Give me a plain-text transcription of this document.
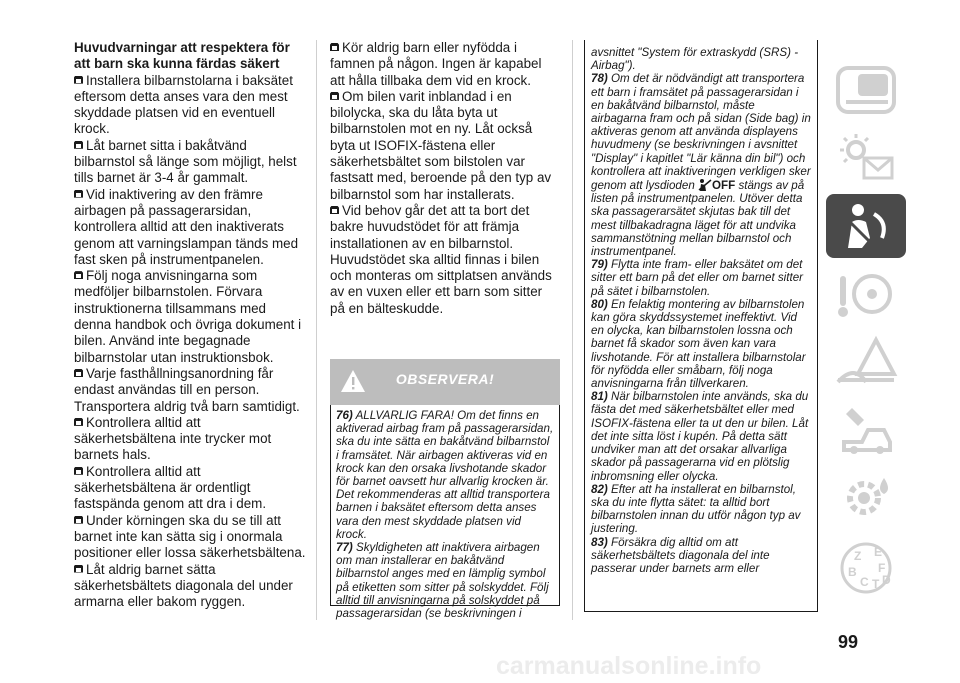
Huvudvarningar att respektera för att barn ska kunna färdas säkert
Installera bilbarnstolarna i baksätet eftersom detta anses vara den mest skyddade platsen vid en eventuell krock.
Låt barnet sitta i bakåtvänd bilbarnstol så länge som möjligt, helst tills barnet är 3-4 år gammalt.
Vid inaktivering av den främre airbagen på passagerarsidan, kontrollera alltid att den inaktiverats genom att varningslampan tänds med fast sken på instrumentpanelen.
Följ noga anvisningarna som medföljer bilbarnstolen. Förvara instruktionerna tillsammans med denna handbok och övriga dokument i bilen. Använd inte begagnade bilbarnstolar utan instruktionsbok.
Varje fasthållningsanordning får endast användas till en person. Transportera aldrig två barn samtidigt.
Kontrollera alltid att säkerhetsbältena inte trycker mot barnets hals.
Kontrollera alltid att säkerhetsbältena är ordentligt fastspända genom att dra i dem.
Under körningen ska du se till att barnet inte kan sätta sig i onormala positioner eller lossa säkerhetsbältena.
Låt aldrig barnet sätta säkerhetsbältets diagonala del under armarna eller bakom ryggen.
Kör aldrig barn eller nyfödda i famnen på någon. Ingen är kapabel att hålla tillbaka dem vid en krock.
Om bilen varit inblandad i en bilolycka, ska du låta byta ut bilbarnstolen mot en ny. Låt också byta ut ISOFIX-fästena eller säkerhetsbältet som bilstolen var fastsatt med, beroende på den typ av bilbarnstol som har installerats.
Vid behov går det att ta bort det bakre huvudstödet för att främja installationen av en bilbarnstol. Huvudstödet ska alltid finnas i bilen och monteras om sittplatsen används av en vuxen eller ett barn som sitter på en bälteskudde.
OBSERVERA!
76) ALLVARLIG FARA! Om det finns en aktiverad airbag fram på passagerarsidan, ska du inte sätta en bakåtvänd bilbarnstol i framsätet. När airbagen aktiveras vid en krock kan den orsaka livshotande skador för barnet oavsett hur allvarlig krocken är. Det rekommenderas att alltid transportera barnen i baksätet eftersom detta anses vara den mest skyddade platsen vid krock.
77) Skyldigheten att inaktivera airbagen om man installerar en bakåtvänd bilbarnstol anges med en lämplig symbol på etiketten som sitter på solskyddet. Följ alltid till anvisningarna på solskyddet på passagerarsidan (se beskrivningen i
avsnittet "System för extraskydd (SRS) - Airbag").
78) Om det är nödvändigt att transportera ett barn i framsätet på passagerarsidan i en bakåtvänd bilbarnstol, måste airbagarna fram och på sidan (Side bag) in aktiveras genom att använda displayens huvudmeny (se beskrivningen i avsnittet "Display" i kapitlet "Lär känna din bil") och kontrollera att inaktiveringen verkligen sker genom att lysdioden OFF stängs av på listen på instrumentpanelen. Utöver detta ska passagerarsätet skjutas bak till det mest tillbakadragna läget för att undvika sammanstötning mellan bilbarnstol och instrumentpanel.
79) Flytta inte fram- eller baksätet om det sitter ett barn på det eller om barnet sitter på sätet i bilbarnstolen.
80) En felaktig montering av bilbarnstolen kan göra skyddssystemet ineffektivt. Vid en olycka, kan bilbarnstolen lossna och barnet få skador som även kan vara livshotande. För att installera bilbarnstolar för nyfödda eller småbarn, följ noga anvisningarna från tillverkaren.
81) När bilbarnstolen inte används, ska du fästa det med säkerhetsbältet eller med ISOFIX-fästena eller ta ut den ur bilen. Låt det inte sitta löst i kupén. På detta sätt undviker man att det orsakar allvarliga skador på passagerarna vid en plötslig inbromsning eller olycka.
82) Efter att ha installerat en bilbarnstol, ska du inte flytta sätet: ta alltid bort bilbarnstolen innan du utför någon typ av justering.
83) Försäkra dig alltid om att säkerhetsbältets diagonala del inte passerar under barnets arm eller
Z E
B F
C T D
99
carmanualsonline.info
